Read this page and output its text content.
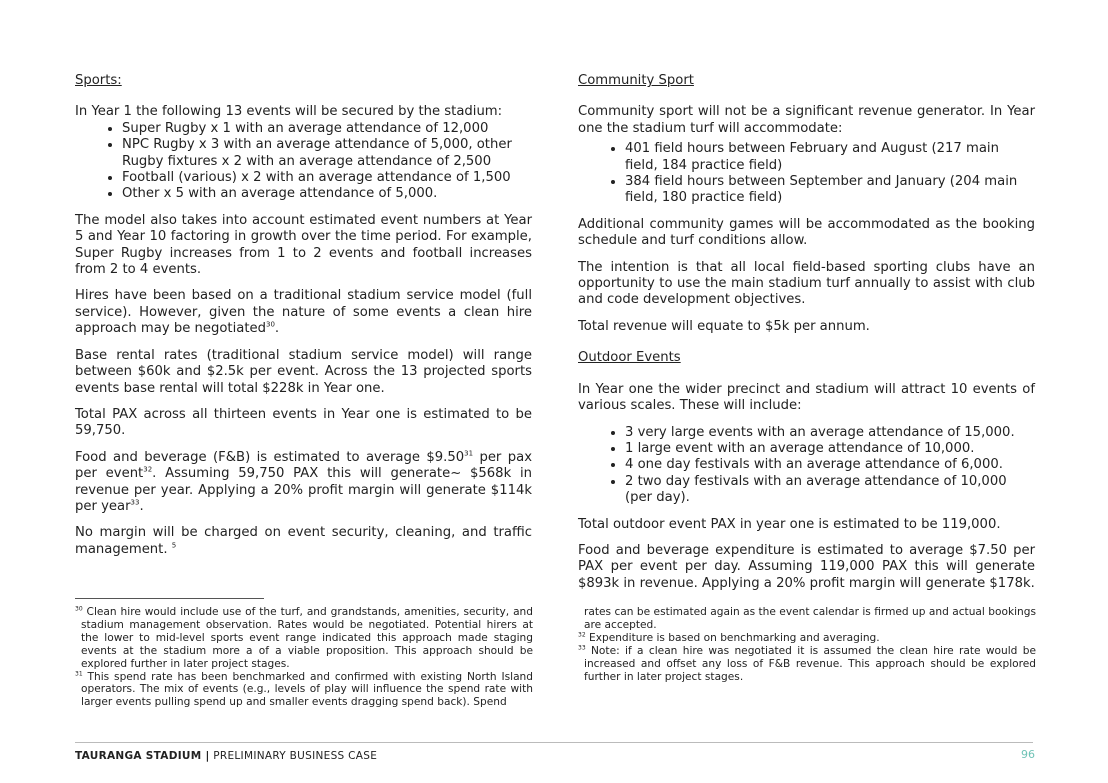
Sports:

In Year 1 the following 13 events will be secured by the stadium:

• Super Rugby x 1 with an average attendance of 12,000
• NPC Rugby x 3 with an average attendance of 5,000, other Rugby fixtures x 2 with an average attendance of 2,500
• Football (various) x 2 with an average attendance of 1,500
• Other x 5 with an average attendance of 5,000.

The model also takes into account estimated event numbers at Year 5 and Year 10 factoring in growth over the time period. For example, Super Rugby increases from 1 to 2 events and football increases from 2 to 4 events.

Hires have been based on a traditional stadium service model (full service). However, given the nature of some events a clean hire approach may be negotiated$^{30}$.

Base rental rates (traditional stadium service model) will range between $60k and $2.5k per event. Across the 13 projected sports events base rental will total $228k in Year one.

Total PAX across all thirteen events in Year one is estimated to be 59,750.

Food and beverage (F&B) is estimated to average $9.50$^{31}$ per pax per event$^{32}$. Assuming 59,750 PAX this will generate~ $568k in revenue per year. Applying a 20% profit margin will generate $114k per year$^{33}$.

No margin will be charged on event security, cleaning, and traffic management. $^5$

Community Sport

Community sport will not be a significant revenue generator. In Year one the stadium turf will accommodate:

• 401 field hours between February and August (217 main field, 184 practice field)
• 384 field hours between September and January (204 main field, 180 practice field)

Additional community games will be accommodated as the booking schedule and turf conditions allow.

The intention is that all local field-based sporting clubs have an opportunity to use the main stadium turf annually to assist with club and code development objectives.

Total revenue will equate to $5k per annum.

Outdoor Events

In Year one the wider precinct and stadium will attract 10 events of various scales. These will include:

• 3 very large events with an average attendance of 15,000.
• 1 large event with an average attendance of 10,000.
• 4 one day festivals with an average attendance of 6,000.
• 2 two day festivals with an average attendance of 10,000 (per day).

Total outdoor event PAX in year one is estimated to be 119,000.

Food and beverage expenditure is estimated to average $7.50 per PAX per event per day. Assuming 119,000 PAX this will generate $893k in revenue. Applying a 20% profit margin will generate $178k.

$^{30}$ Clean hire would include use of the turf, and grandstands, amenities, security, and stadium management observation. Rates would be negotiated. Potential hirers at the lower to mid-level sports event range indicated this approach made staging events at the stadium more a of a viable proposition. This approach should be explored further in later project stages.

$^{31}$ This spend rate has been benchmarked and confirmed with existing North Island operators. The mix of events (e.g., levels of play will influence the spend rate with larger events pulling spend up and smaller events dragging spend back). Spend

rates can be estimated again as the event calendar is firmed up and actual bookings are accepted.

$^{32}$ Expenditure is based on benchmarking and averaging.

$^{33}$ Note: if a clean hire was negotiated it is assumed the clean hire rate would be increased and offset any loss of F&B revenue. This approach should be explored further in later project stages.

TAURANGA STADIUM | PRELIMINARY BUSINESS CASE	96
